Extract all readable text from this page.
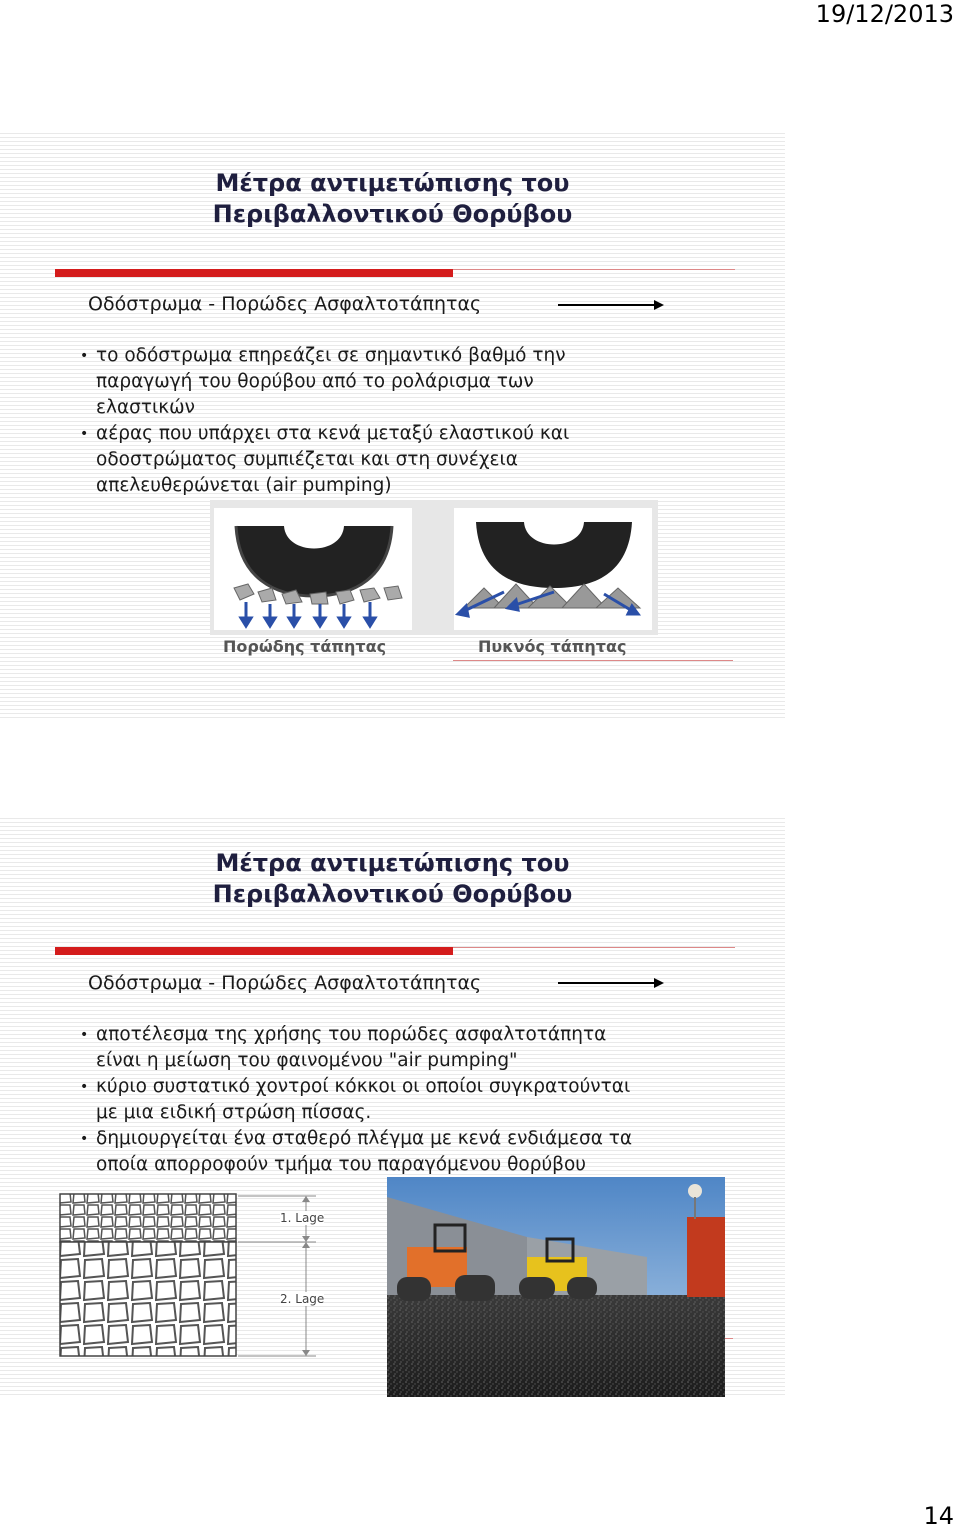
19/12/2013
Μέτρα αντιμετώπισης του
Περιβαλλοντικού Θορύβου
Οδόστρωμα - Πορώδες Ασφαλτοτάπητας
• το οδόστρωμα επηρεάζει σε σημαντικό βαθμό την
παραγωγή του θορύβου από το ρολάρισμα των
ελαστικών
• αέρας που υπάρχει στα κενά μεταξύ ελαστικού και
οδοστρώματος συμπιέζεται και στη συνέχεια
απελευθερώνεται (air pumping)
Πορώδης τάπητας	Πυκνός τάπητας
Μέτρα αντιμετώπισης του
Περιβαλλοντικού Θορύβου
Οδόστρωμα - Πορώδες Ασφαλτοτάπητας
• αποτέλεσμα της χρήσης του πορώδες ασφαλτοτάπητα
είναι η μείωση του φαινομένου "air pumping"
• κύριο συστατικό χοντροί κόκκοι οι οποίοι συγκρατούνται
με μια ειδική στρώση πίσσας.
• δημιουργείται ένα σταθερό πλέγμα με κενά ενδιάμεσα τα
οποία απορροφούν τμήμα του παραγόμενου θορύβου
1. Lage
2. Lage
14
